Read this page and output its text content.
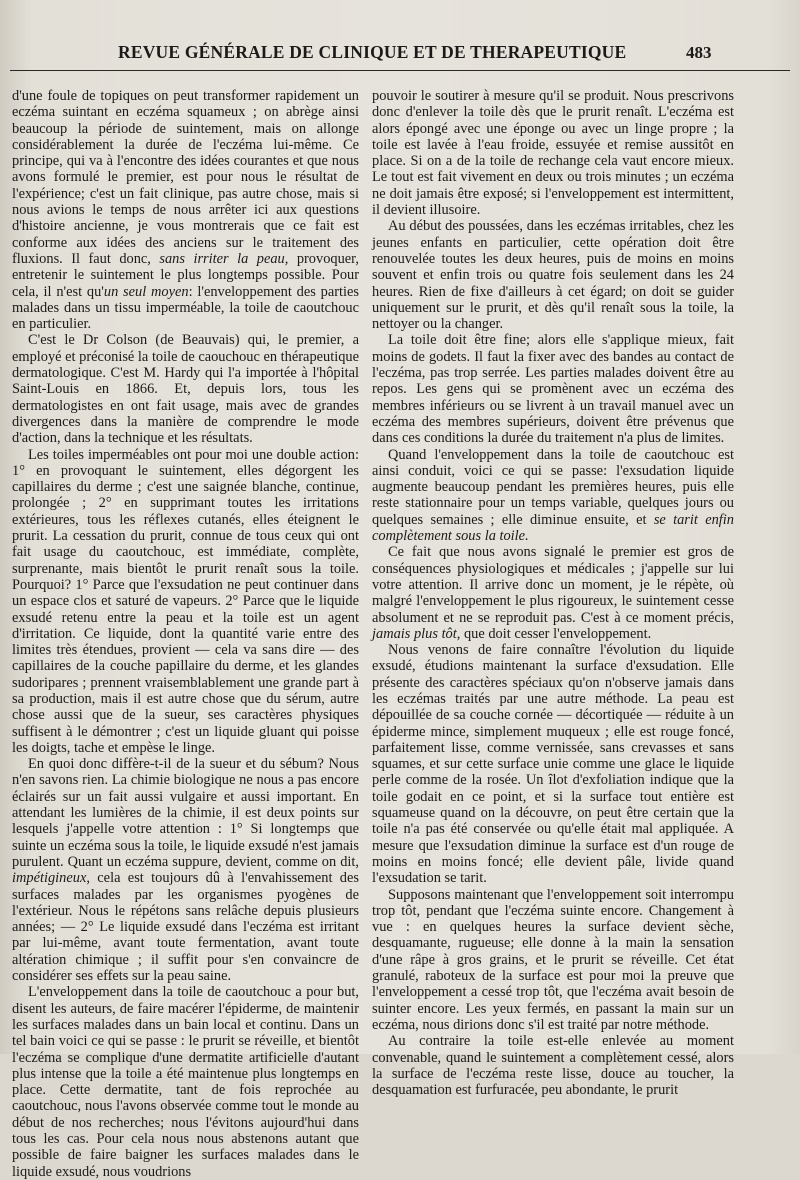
REVUE GÉNÉRALE DE CLINIQUE ET DE THERAPEUTIQUE	483

d'une foule de topiques on peut transformer rapidement un eczéma suintant en eczéma squameux ; on abrège ainsi beaucoup la période de suintement, mais on allonge considérablement la durée de l'eczéma lui-même. Ce principe, qui va à l'encontre des idées courantes et que nous avons formulé le premier, est pour nous le résultat de l'expérience; c'est un fait clinique, pas autre chose, mais si nous avions le temps de nous arrêter ici aux questions d'histoire ancienne, je vous montrerais que ce fait est conforme aux idées des anciens sur le traitement des fluxions. Il faut donc, sans irriter la peau, provoquer, entretenir le suintement le plus longtemps possible. Pour cela, il n'est qu'un seul moyen: l'enveloppement des parties malades dans un tissu imperméable, la toile de caoutchouc en particulier.

C'est le Dr Colson (de Beauvais) qui, le premier, a employé et préconisé la toile de caouchouc en thérapeutique dermatologique. C'est M. Hardy qui l'a importée à l'hôpital Saint-Louis en 1866. Et, depuis lors, tous les dermatologistes en ont fait usage, mais avec de grandes divergences dans la manière de comprendre le mode d'action, dans la technique et les résultats.

Les toiles imperméables ont pour moi une double action: 1° en provoquant le suintement, elles dégorgent les capillaires du derme ; c'est une saignée blanche, continue, prolongée ; 2° en supprimant toutes les irritations extérieures, tous les réflexes cutanés, elles éteignent le prurit. La cessation du prurit, connue de tous ceux qui ont fait usage du caoutchouc, est immédiate, complète, surprenante, mais bientôt le prurit renaît sous la toile. Pourquoi? 1° Parce que l'exsudation ne peut continuer dans un espace clos et saturé de vapeurs. 2° Parce que le liquide exsudé retenu entre la peau et la toile est un agent d'irritation. Ce liquide, dont la quantité varie entre des limites très étendues, provient — cela va sans dire — des capillaires de la couche papillaire du derme, et les glandes sudoripares ; prennent vraisemblablement une grande part à sa production, mais il est autre chose que du sérum, autre chose aussi que de la sueur, ses caractères physiques suffisent à le démontrer ; c'est un liquide gluant qui poisse les doigts, tache et empèse le linge.

En quoi donc diffère-t-il de la sueur et du sébum? Nous n'en savons rien. La chimie biologique ne nous a pas encore éclairés sur un fait aussi vulgaire et aussi important. En attendant les lumières de la chimie, il est deux points sur lesquels j'appelle votre attention : 1° Si longtemps que suinte un eczéma sous la toile, le liquide exsudé n'est jamais purulent. Quant un eczéma suppure, devient, comme on dit, impétigineux, cela est toujours dû à l'envahissement des surfaces malades par les organismes pyogènes de l'extérieur. Nous le répétons sans relâche depuis plusieurs années; — 2° Le liquide exsudé dans l'eczéma est irritant par lui-même, avant toute fermentation, avant toute altération chimique ; il suffit pour s'en convaincre de considérer ses effets sur la peau saine.

L'enveloppement dans la toile de caoutchouc a pour but, disent les auteurs, de faire macérer l'épiderme, de maintenir les surfaces malades dans un bain local et continu. Dans un tel bain voici ce qui se passe : le prurit se réveille, et bientôt l'eczéma se complique d'une dermatite artificielle d'autant plus intense que la toile a été maintenue plus longtemps en place. Cette dermatite, tant de fois reprochée au caoutchouc, nous l'avons observée comme tout le monde au début de nos recherches; nous l'évitons aujourd'hui dans tous les cas. Pour cela nous nous abstenons autant que possible de faire baigner les surfaces malades dans le liquide exsudé, nous voudrions

pouvoir le soutirer à mesure qu'il se produit. Nous prescrivons donc d'enlever la toile dès que le prurit renaît. L'eczéma est alors épongé avec une éponge ou avec un linge propre ; la toile est lavée à l'eau froide, essuyée et remise aussitôt en place. Si on a de la toile de rechange cela vaut encore mieux. Le tout est fait vivement en deux ou trois minutes ; un eczéma ne doit jamais être exposé; si l'enveloppement est intermittent, il devient illusoire.

Au début des poussées, dans les eczémas irritables, chez les jeunes enfants en particulier, cette opération doit être renouvelée toutes les deux heures, puis de moins en moins souvent et enfin trois ou quatre fois seulement dans les 24 heures. Rien de fixe d'ailleurs à cet égard; on doit se guider uniquement sur le prurit, et dès qu'il renaît sous la toile, la nettoyer ou la changer.

La toile doit être fine; alors elle s'applique mieux, fait moins de godets. Il faut la fixer avec des bandes au contact de l'eczéma, pas trop serrée. Les parties malades doivent être au repos. Les gens qui se promènent avec un eczéma des membres inférieurs ou se livrent à un travail manuel avec un eczéma des membres supérieurs, doivent être prévenus que dans ces conditions la durée du traitement n'a plus de limites.

Quand l'enveloppement dans la toile de caoutchouc est ainsi conduit, voici ce qui se passe: l'exsudation liquide augmente beaucoup pendant les premières heures, puis elle reste stationnaire pour un temps variable, quelques jours ou quelques semaines ; elle diminue ensuite, et se tarit enfin complètement sous la toile.

Ce fait que nous avons signalé le premier est gros de conséquences physiologiques et médicales ; j'appelle sur lui votre attention. Il arrive donc un moment, je le répète, où malgré l'enveloppement le plus rigoureux, le suintement cesse absolument et ne se reproduit pas. C'est à ce moment précis, jamais plus tôt, que doit cesser l'enveloppement.

Nous venons de faire connaître l'évolution du liquide exsudé, étudions maintenant la surface d'exsudation. Elle présente des caractères spéciaux qu'on n'observe jamais dans les eczémas traités par une autre méthode. La peau est dépouillée de sa couche cornée — décortiquée — réduite à un épiderme mince, simplement muqueux ; elle est rouge foncé, parfaitement lisse, comme vernissée, sans crevasses et sans squames, et sur cette surface unie comme une glace le liquide perle comme de la rosée. Un îlot d'exfoliation indique que la toile godait en ce point, et si la surface tout entière est squameuse quand on la découvre, on peut être certain que la toile n'a pas été conservée ou qu'elle était mal appliquée. A mesure que l'exsudation diminue la surface est d'un rouge de moins en moins foncé; elle devient pâle, livide quand l'exsudation se tarit.

Supposons maintenant que l'enveloppement soit interrompu trop tôt, pendant que l'eczéma suinte encore. Changement à vue : en quelques heures la surface devient sèche, desquamante, rugueuse; elle donne à la main la sensation d'une râpe à gros grains, et le prurit se réveille. Cet état granulé, raboteux de la surface est pour moi la preuve que l'enveloppement a cessé trop tôt, que l'eczéma avait besoin de suinter encore. Les yeux fermés, en passant la main sur un eczéma, nous dirions donc s'il est traité par notre méthode.

Au contraire la toile est-elle enlevée au moment convenable, quand le suintement a complètement cessé, alors la surface de l'eczéma reste lisse, douce au toucher, la desquamation est furfuracée, peu abondante, le prurit
